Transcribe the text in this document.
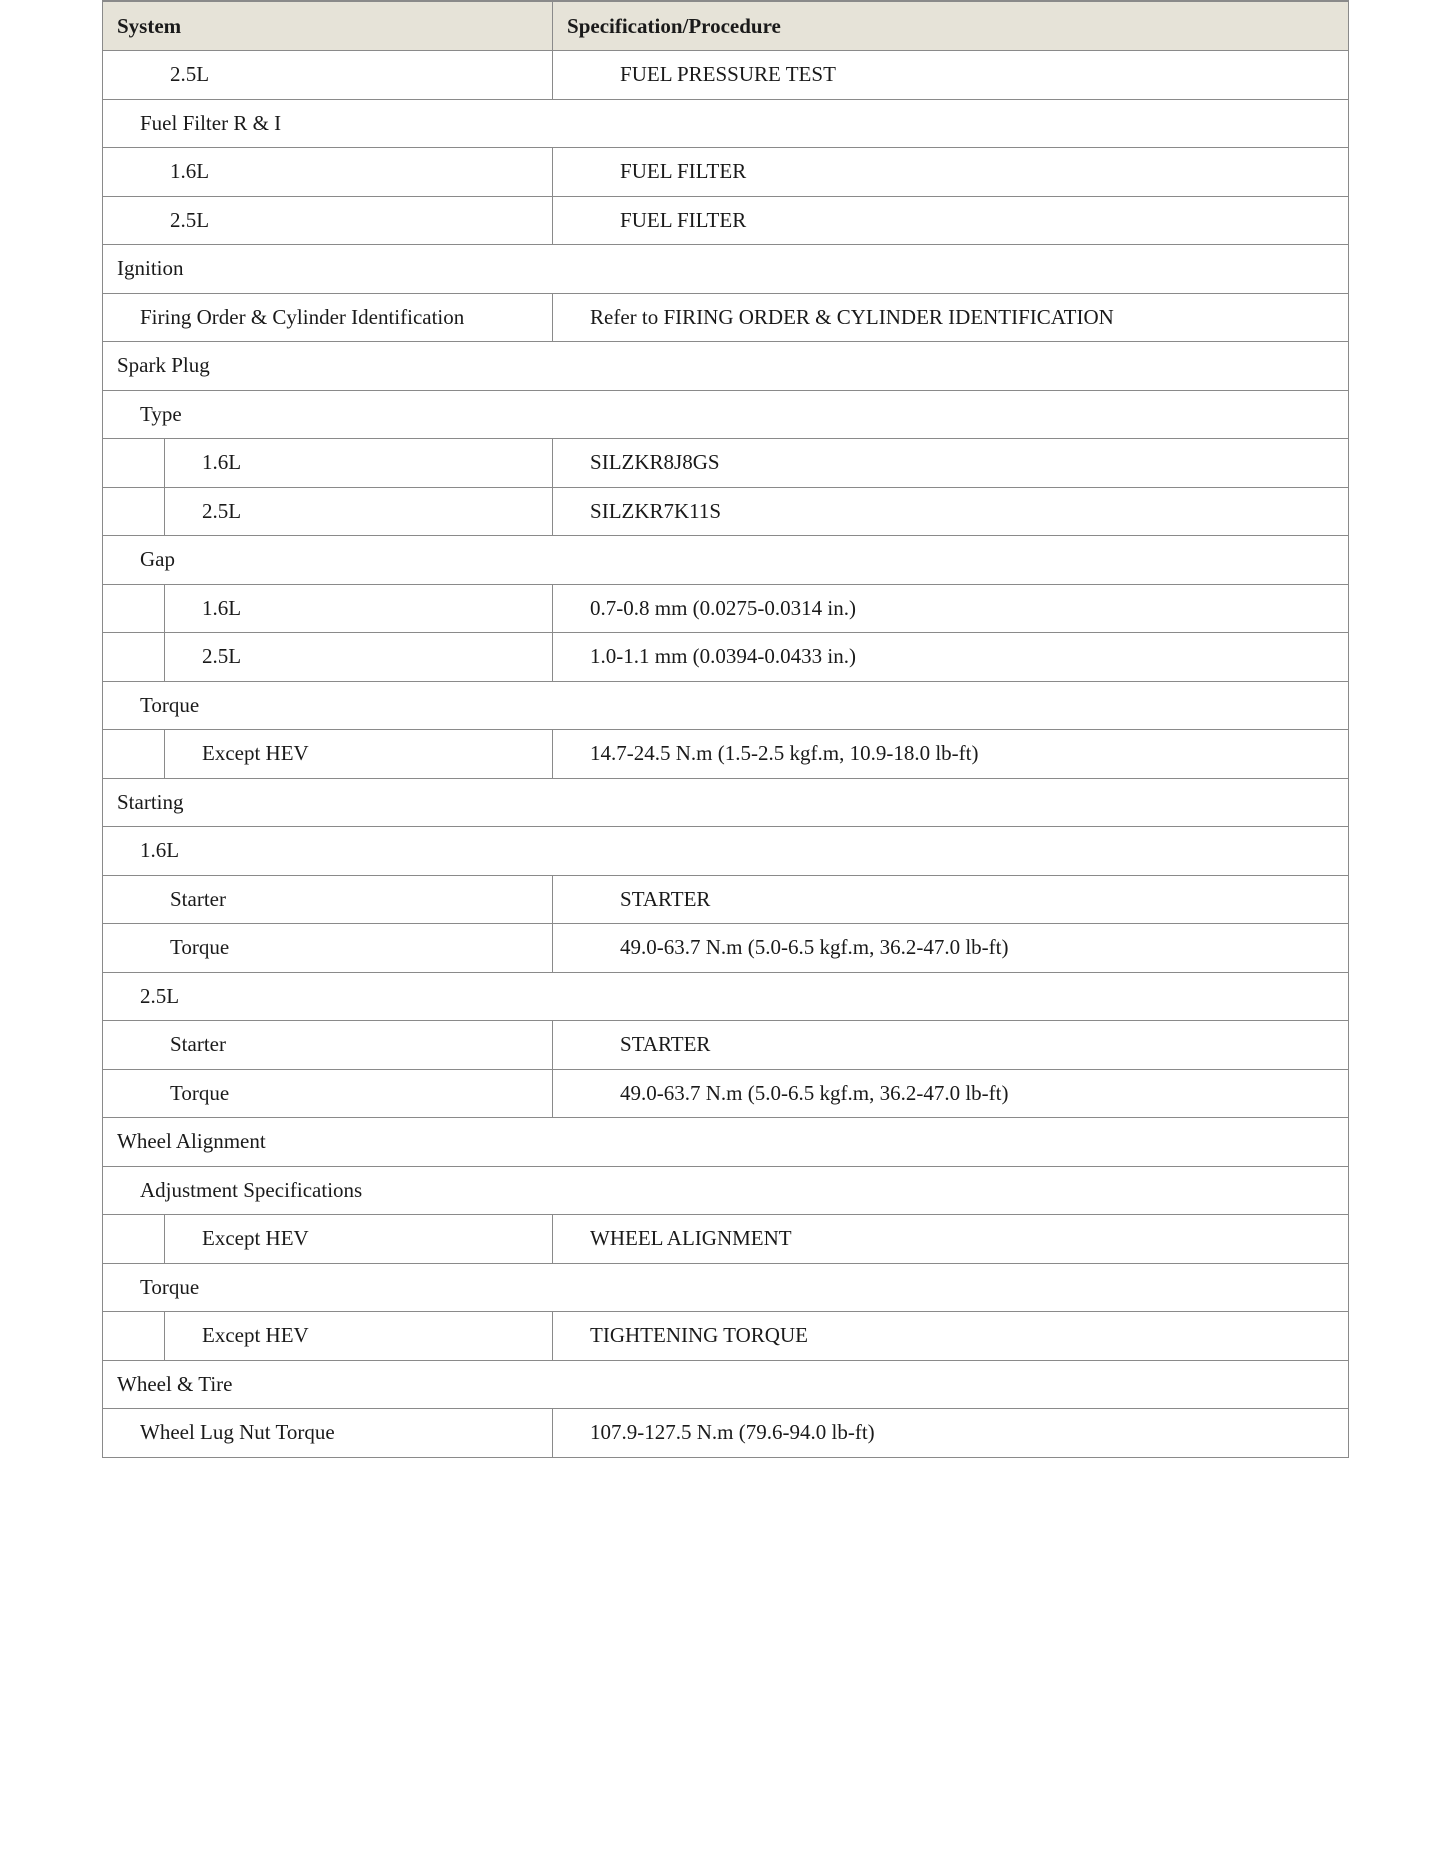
System		Specification/Procedure
2.5L		FUEL PRESSURE TEST
Fuel Filter R & I		
1.6L		FUEL FILTER
2.5L		FUEL FILTER
Ignition		
Firing Order & Cylinder Identification		Refer to FIRING ORDER & CYLINDER IDENTIFICATION
Spark Plug		
Type		
	1.6L	SILZKR8J8GS
	2.5L	SILZKR7K11S
Gap		
	1.6L	0.7-0.8 mm (0.0275-0.0314 in.)
	2.5L	1.0-1.1 mm (0.0394-0.0433 in.)
Torque		
	Except HEV	14.7-24.5 N.m (1.5-2.5 kgf.m, 10.9-18.0 lb-ft)
Starting		
1.6L		
Starter		STARTER
Torque		49.0-63.7 N.m (5.0-6.5 kgf.m, 36.2-47.0 lb-ft)
2.5L		
Starter		STARTER
Torque		49.0-63.7 N.m (5.0-6.5 kgf.m, 36.2-47.0 lb-ft)
Wheel Alignment		
Adjustment Specifications		
	Except HEV	WHEEL ALIGNMENT
Torque		
	Except HEV	TIGHTENING TORQUE
Wheel & Tire		
Wheel Lug Nut Torque		107.9-127.5 N.m (79.6-94.0 lb-ft)
